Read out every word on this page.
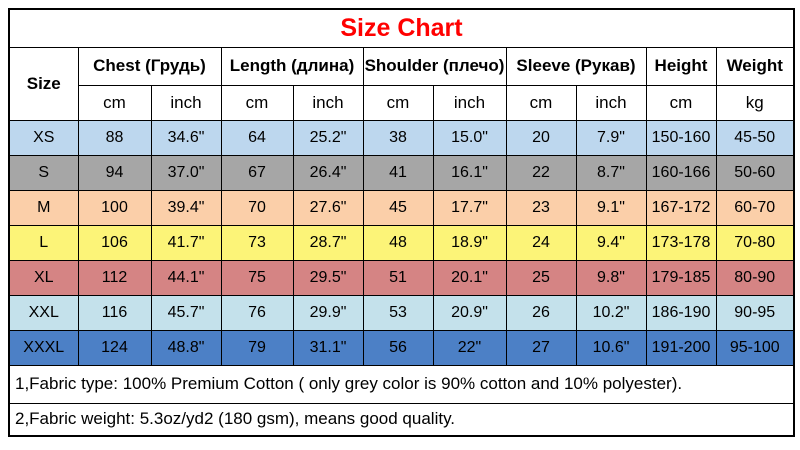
Size Chart										
Size	Chest (Грудь)		Length (длина)		Shoulder (плечо)		Sleeve (Рукав)		Height	Weight
	cm	inch	cm	inch	cm	inch	cm	inch	cm	kg
XS	88	34.6"	64	25.2"	38	15.0"	20	7.9"	150-160	45-50
S	94	37.0"	67	26.4"	41	16.1"	22	8.7"	160-166	50-60
M	100	39.4"	70	27.6"	45	17.7"	23	9.1"	167-172	60-70
L	106	41.7"	73	28.7"	48	18.9"	24	9.4"	173-178	70-80
XL	112	44.1"	75	29.5"	51	20.1"	25	9.8"	179-185	80-90
XXL	116	45.7"	76	29.9"	53	20.9"	26	10.2"	186-190	90-95
XXXL	124	48.8"	79	31.1"	56	22"	27	10.6"	191-200	95-100
1,Fabric type: 100% Premium Cotton ( only grey color is 90% cotton and 10% polyester).										
2,Fabric weight: 5.3oz/yd2 (180 gsm), means good quality.										
